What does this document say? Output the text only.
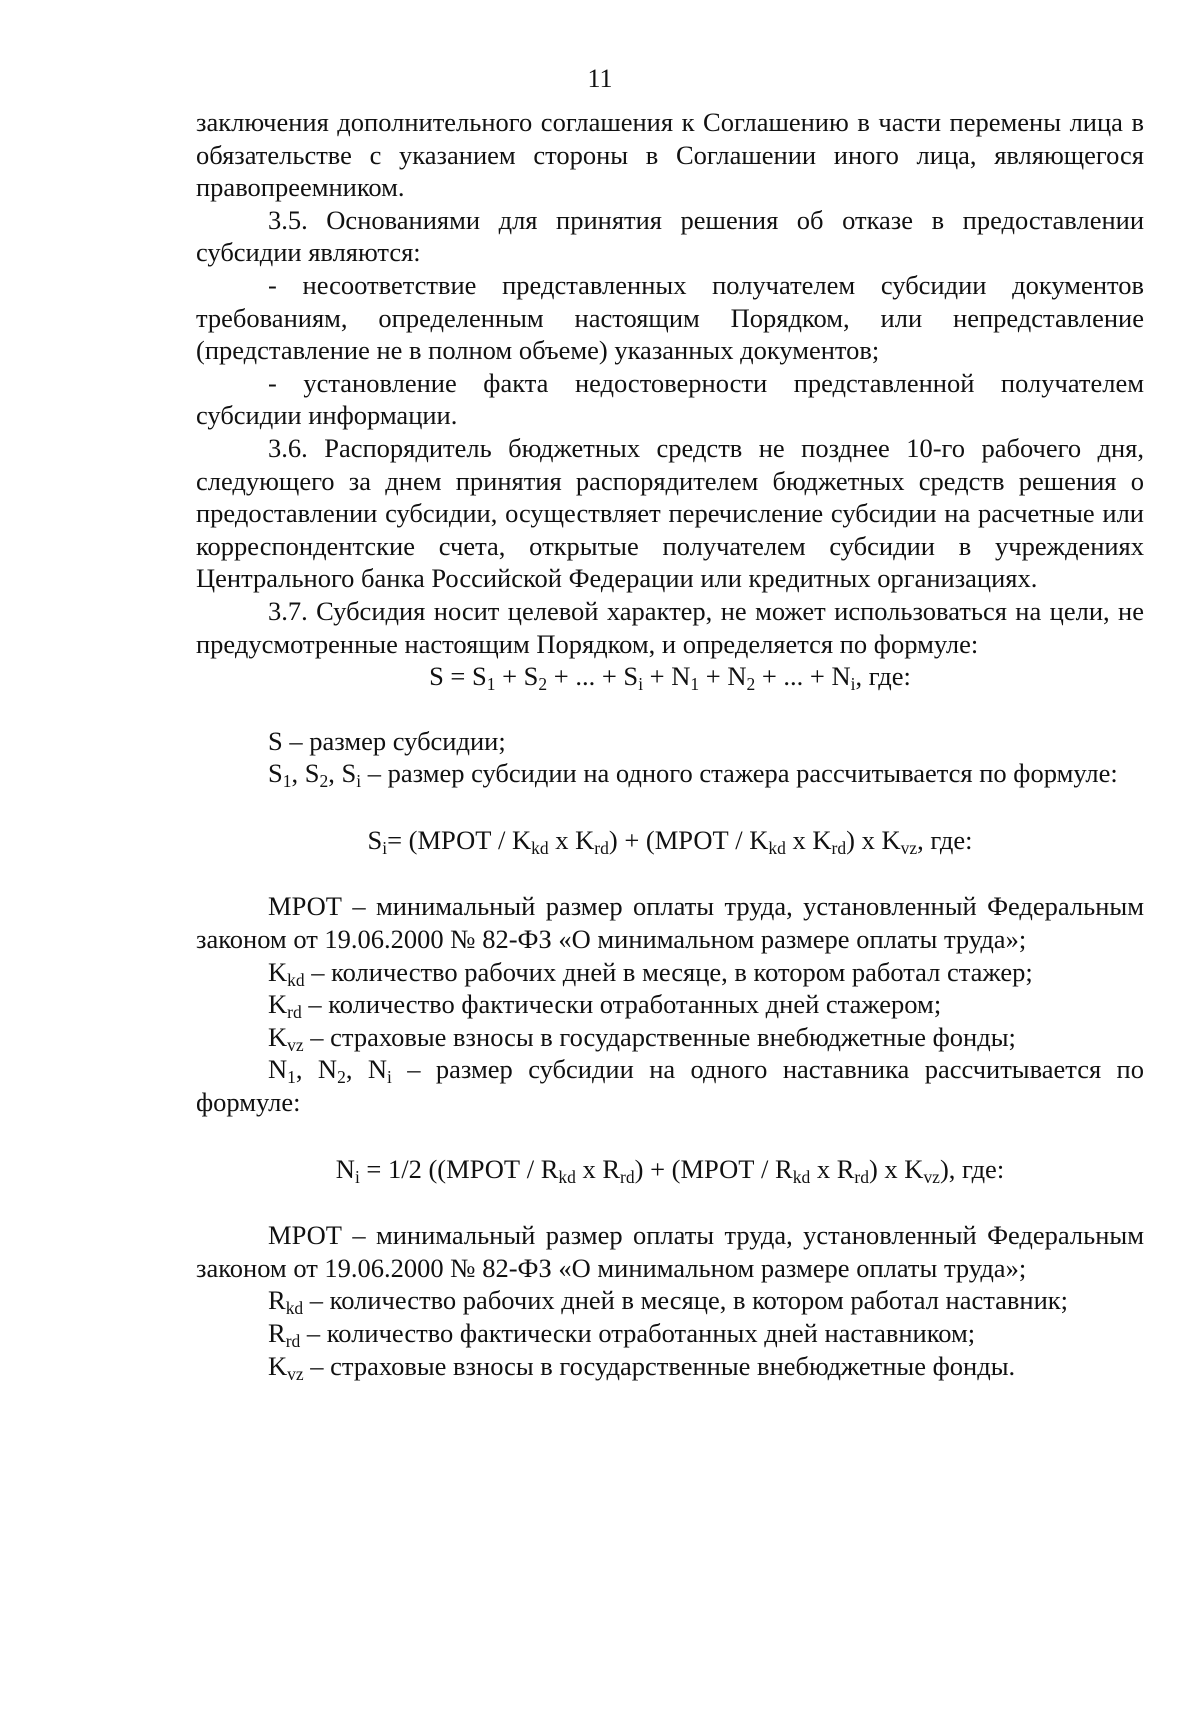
11

заключения дополнительного соглашения к Соглашению в части перемены лица в обязательстве с указанием стороны в Соглашении иного лица, являющегося правопреемником.

3.5. Основаниями для принятия решения об отказе в предоставлении субсидии являются:

- несоответствие представленных получателем субсидии документов требованиям, определенным настоящим Порядком, или непредставление (представление не в полном объеме) указанных документов;

- установление факта недостоверности представленной получателем субсидии информации.

3.6. Распорядитель бюджетных средств не позднее 10-го рабочего дня, следующего за днем принятия распорядителем бюджетных средств решения о предоставлении субсидии, осуществляет перечисление субсидии на расчетные или корреспондентские счета, открытые получателем субсидии в учреждениях Центрального банка Российской Федерации или кредитных организациях.

3.7. Субсидия носит целевой характер, не может использоваться на цели, не предусмотренные настоящим Порядком, и определяется по формуле:

$S = S_1 + S_2$ + ... + $S_i + N_1 + N_2$ + ... + $N_i$, где:

S – размер субсидии;

$S_1$, $S_2$, $S_i$ – размер субсидии на одного стажера рассчитывается по формуле:

$S_i=$ (МРОТ / $K_{kd}$ x $K_{rd}$) + (МРОТ / $K_{kd}$ x $K_{rd}$) x $K_{vz}$, где:

МРОТ – минимальный размер оплаты труда, установленный Федеральным законом от 19.06.2000 № 82-ФЗ «О минимальном размере оплаты труда»;

$K_{kd}$ – количество рабочих дней в месяце, в котором работал стажер;

$K_{rd}$ – количество фактически отработанных дней стажером;

$K_{vz}$ – страховые взносы в государственные внебюджетные фонды;

$N_1$, $N_2$, $N_i$ – размер субсидии на одного наставника рассчитывается по формуле:

$N_i = 1/2$ ((МРОТ / $R_{kd}$ x $R_{rd}$) + (МРОТ / $R_{kd}$ x $R_{rd}$) x $K_{vz}$), где:

МРОТ – минимальный размер оплаты труда, установленный Федеральным законом от 19.06.2000 № 82-ФЗ «О минимальном размере оплаты труда»;

$R_{kd}$ – количество рабочих дней в месяце, в котором работал наставник;

$R_{rd}$ – количество фактически отработанных дней наставником;

$K_{vz}$ – страховые взносы в государственные внебюджетные фонды.
